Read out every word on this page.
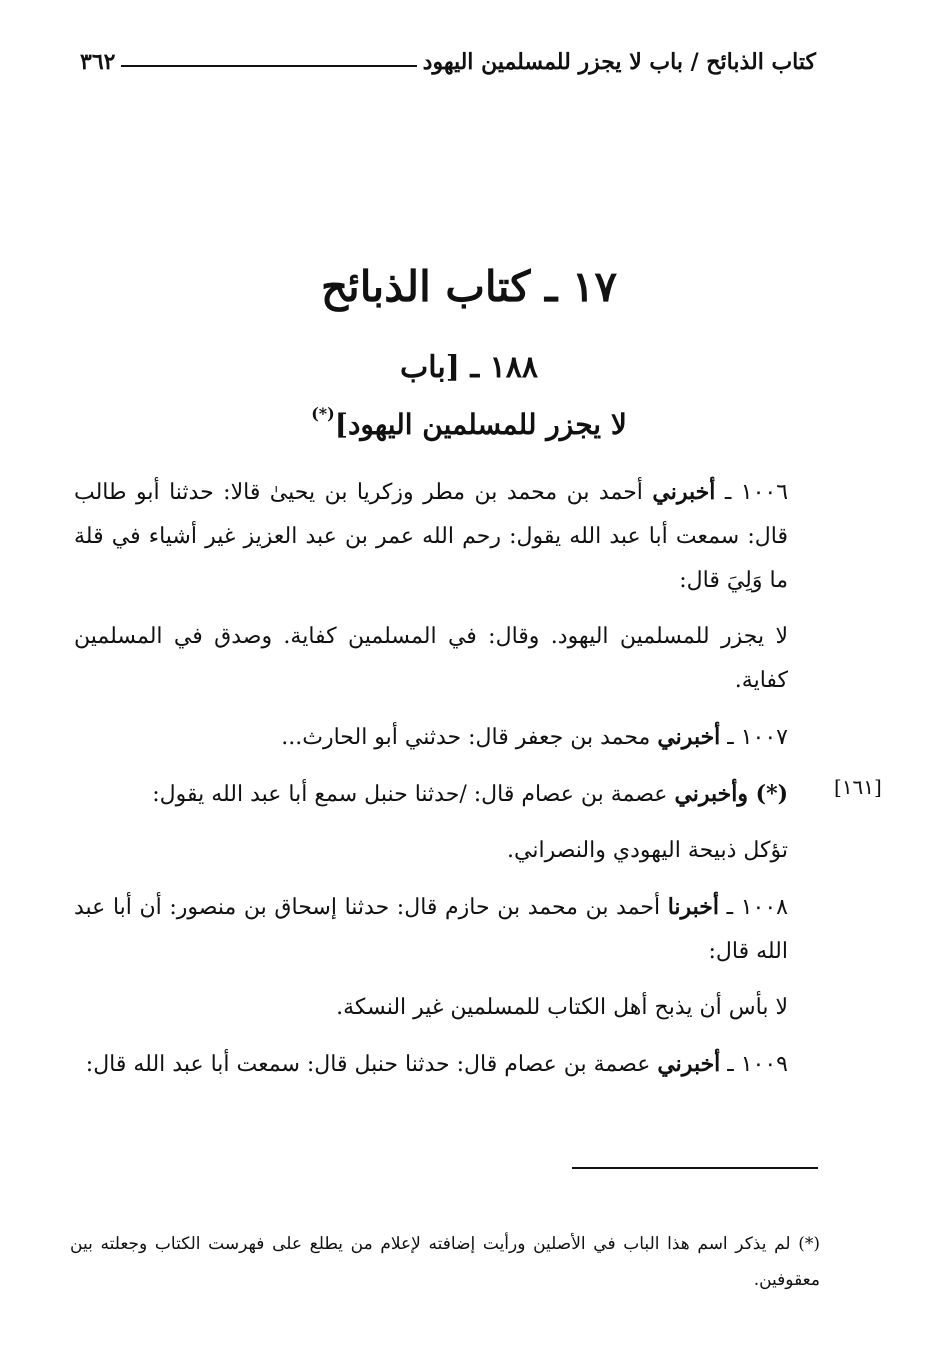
٣٦٢	كتاب الذبائح / باب لا يجزر للمسلمين اليهود
١٧ ـ كتاب الذبائح
١٨٨ ـ [باب
لا يجزر للمسلمين اليهود](*)
[١٦١]

١٠٠٦ ـ أخبرني أحمد بن محمد بن مطر وزكريا بن يحيىٰ قالا: حدثنا أبو طالب قال: سمعت أبا عبد الله يقول: رحم الله عمر بن عبد العزيز غير أشياء في قلة ما وَلِيَ قال:

لا يجزر للمسلمين اليهود. وقال: في المسلمين كفاية. وصدق في المسلمين كفاية.

١٠٠٧ ـ أخبرني محمد بن جعفر قال: حدثني أبو الحارث...

(*) وأخبرني عصمة بن عصام قال: /حدثنا حنبل سمع أبا عبد الله يقول:

تؤكل ذبيحة اليهودي والنصراني.

١٠٠٨ ـ أخبرنا أحمد بن محمد بن حازم قال: حدثنا إسحاق بن منصور: أن أبا عبد الله قال:

لا بأس أن يذبح أهل الكتاب للمسلمين غير النسكة.

١٠٠٩ ـ أخبرني عصمة بن عصام قال: حدثنا حنبل قال: سمعت أبا عبد الله قال:

(*) لم يذكر اسم هذا الباب في الأصلين ورأيت إضافته لإعلام من يطلع على فهرست الكتاب وجعلته بين معقوفين.
